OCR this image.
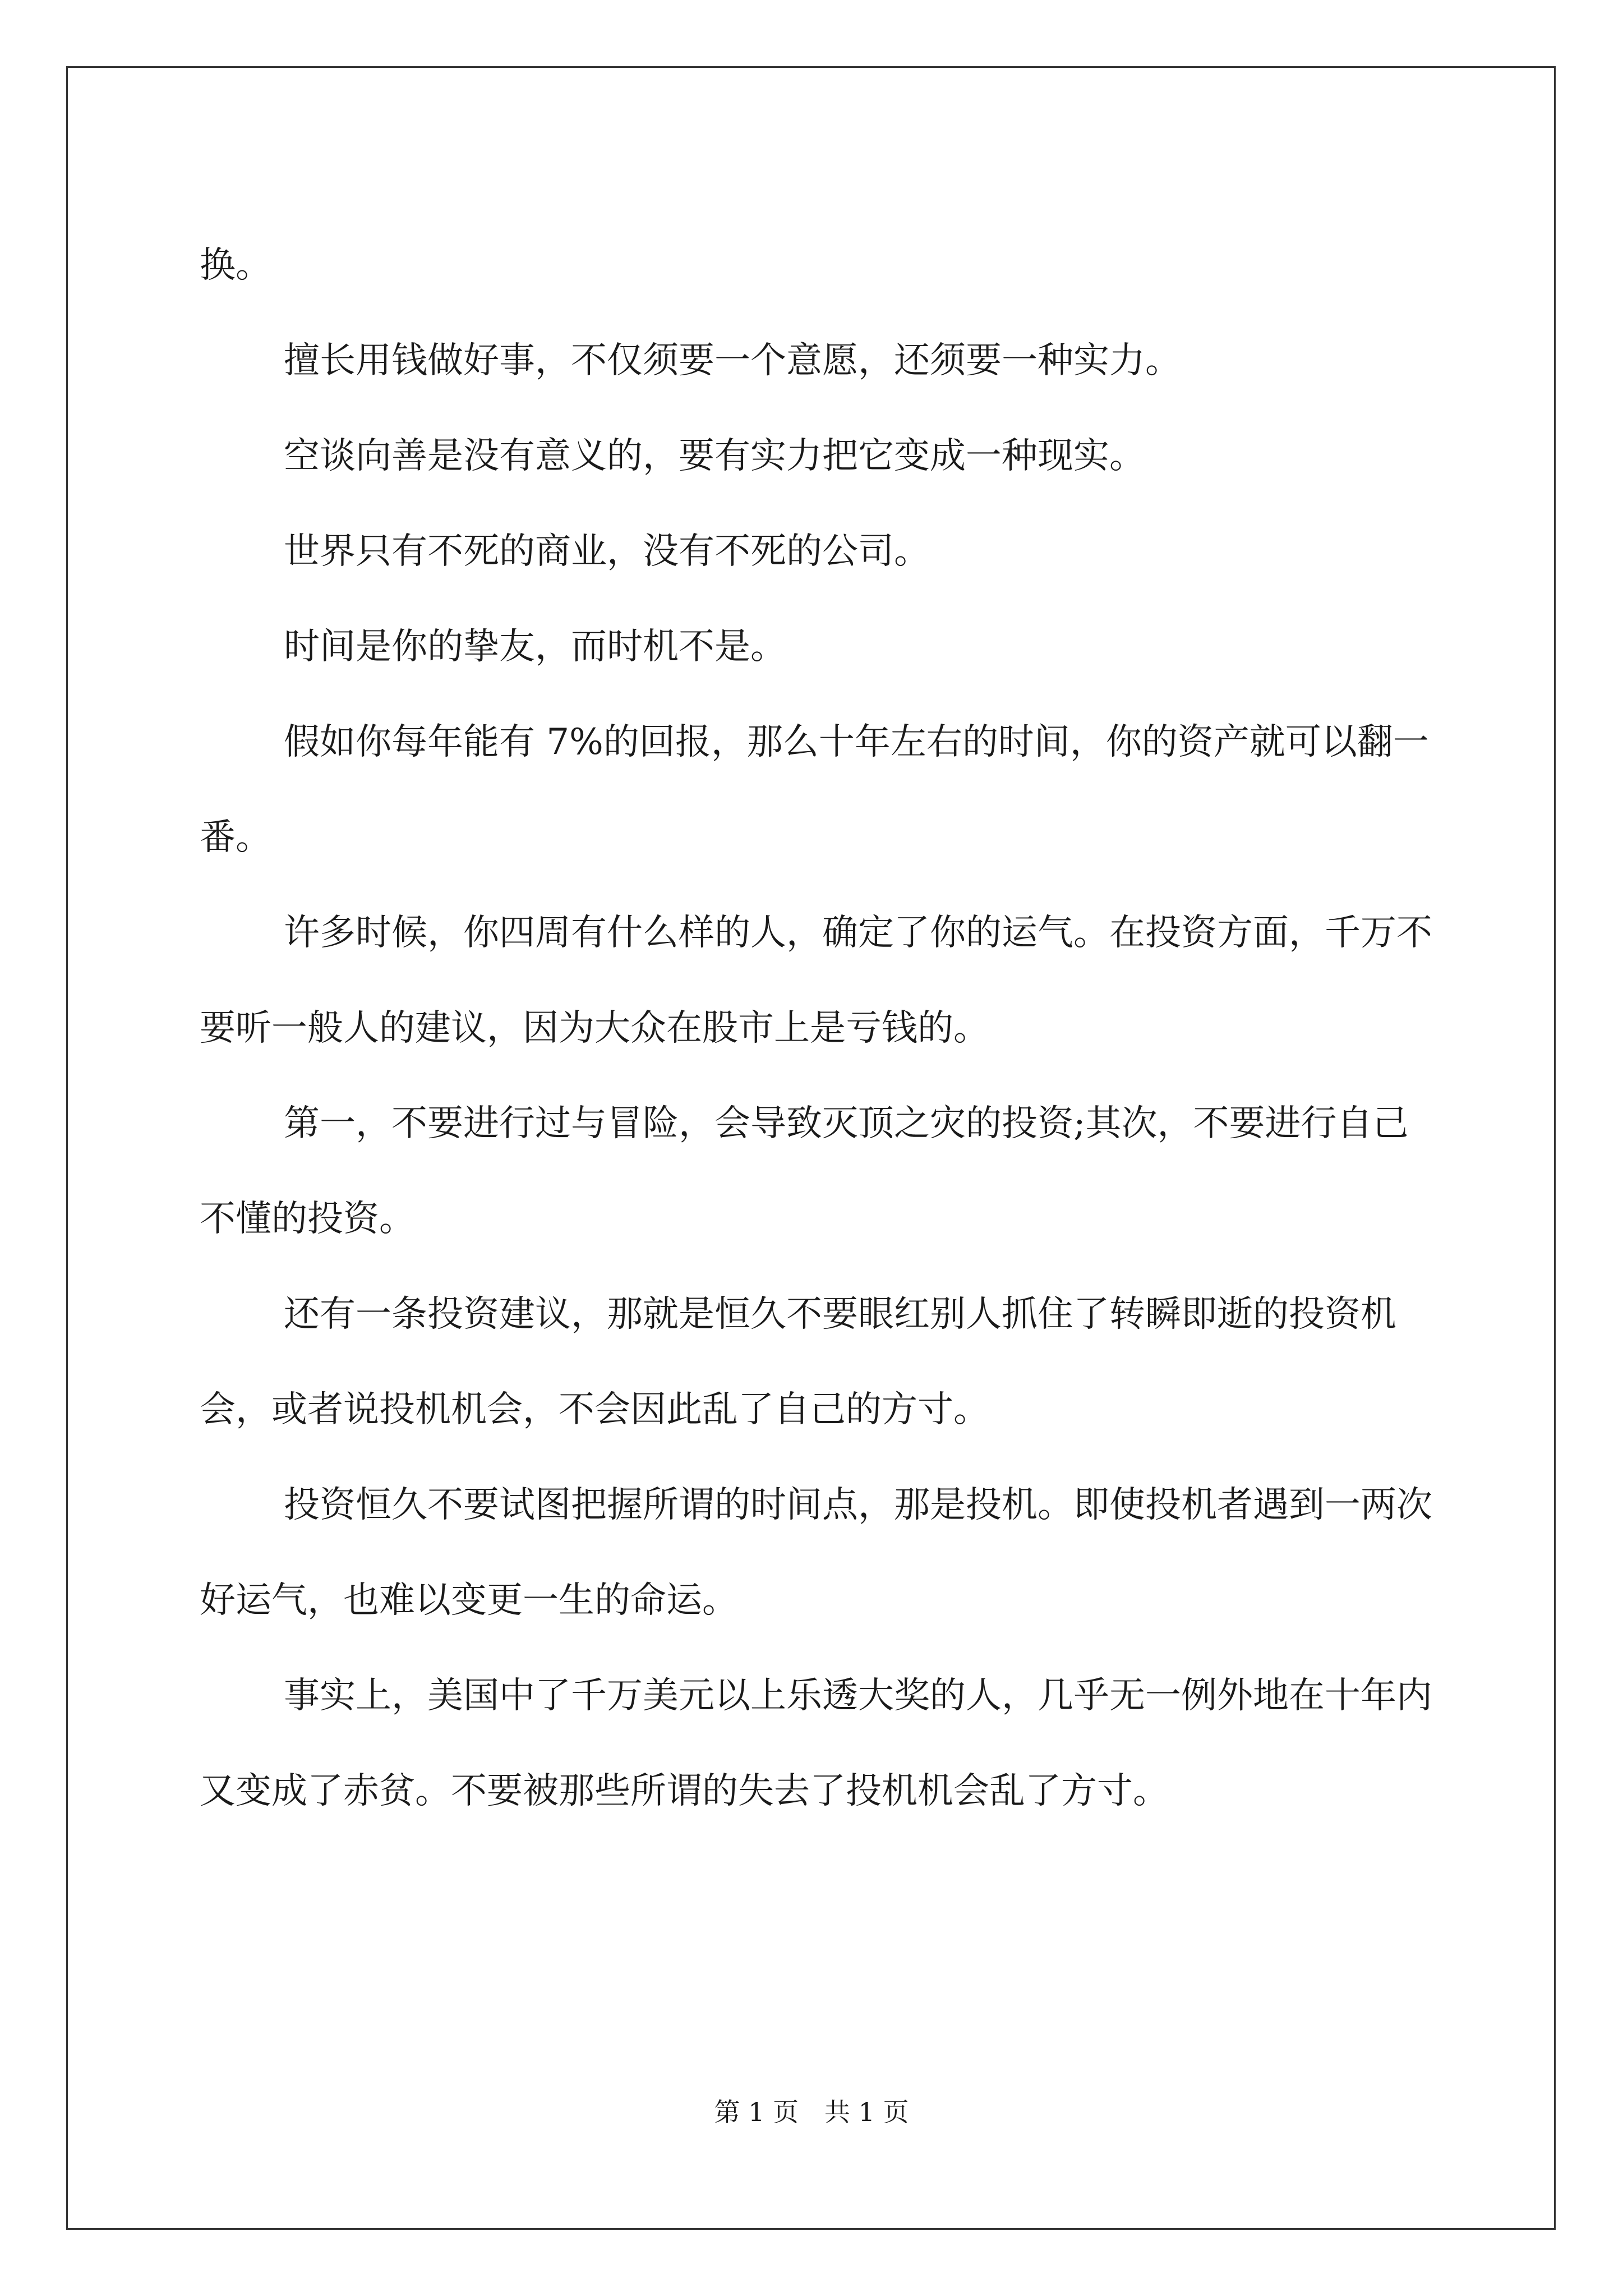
换。

擅长用钱做好事，不仅须要一个意愿，还须要一种实力。

空谈向善是没有意义的，要有实力把它变成一种现实。

世界只有不死的商业，没有不死的公司。

时间是你的挚友，而时机不是。

假如你每年能有 7%的回报，那么十年左右的时间，你的资产就可以翻一番。

许多时候，你四周有什么样的人，确定了你的运气。在投资方面，千万不要听一般人的建议，因为大众在股市上是亏钱的。

第一，不要进行过与冒险，会导致灭顶之灾的投资;其次，不要进行自己不懂的投资。

还有一条投资建议，那就是恒久不要眼红别人抓住了转瞬即逝的投资机会，或者说投机机会，不会因此乱了自己的方寸。

投资恒久不要试图把握所谓的时间点，那是投机。即使投机者遇到一两次好运气，也难以变更一生的命运。

事实上，美国中了千万美元以上乐透大奖的人，几乎无一例外地在十年内又变成了赤贫。不要被那些所谓的失去了投机机会乱了方寸。

第 1 页　共 1 页
